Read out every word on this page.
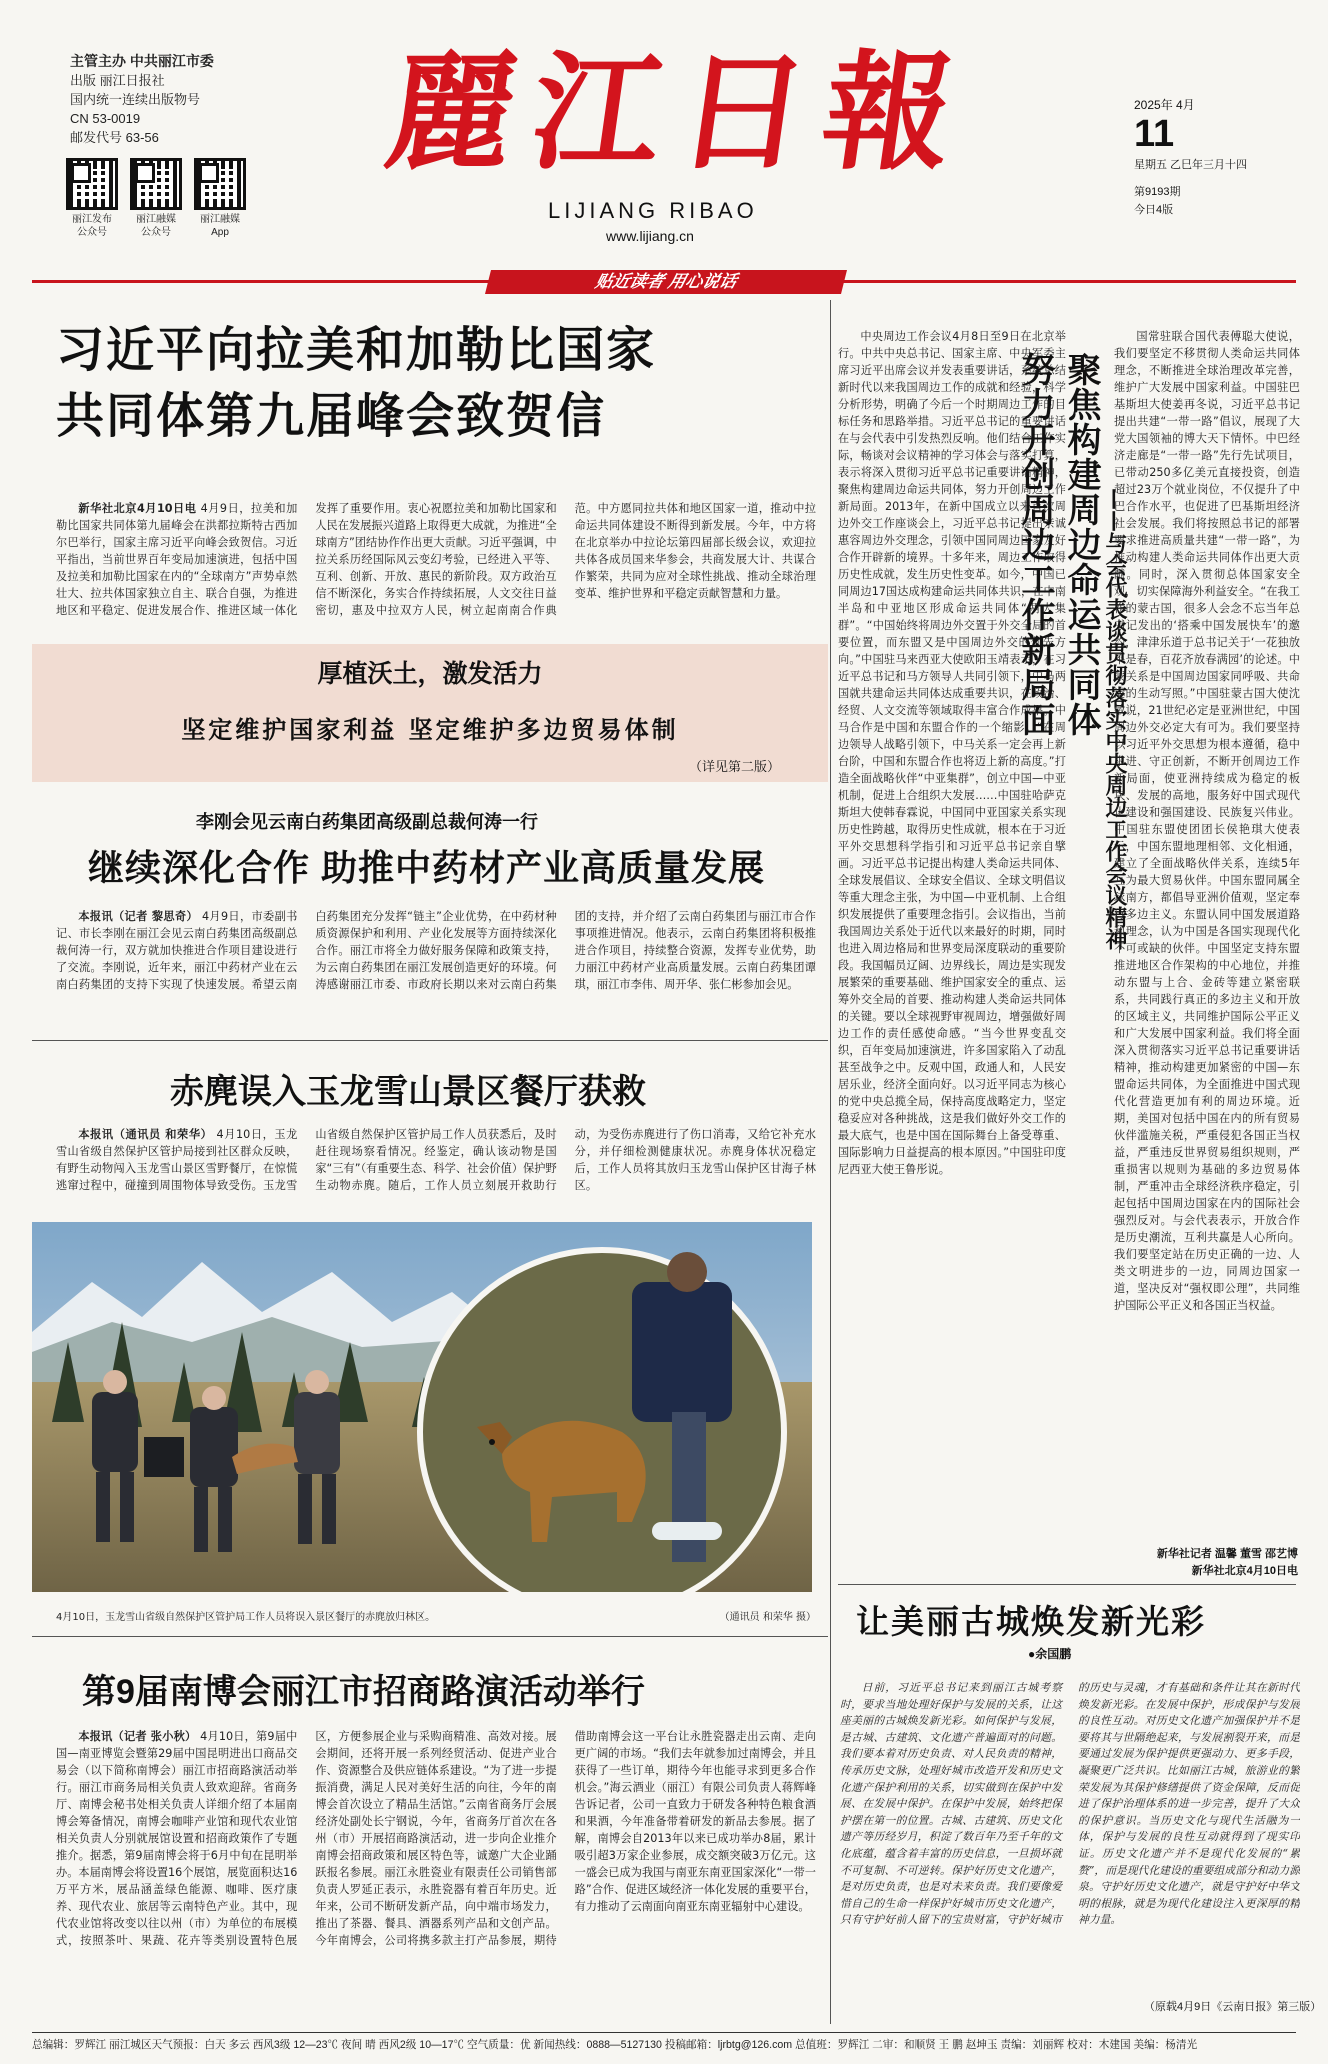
主管主办 中共丽江市委
出版 丽江日报社
国内统一连续出版物号
CN 53-0019
邮发代号 63-56
丽江发布
公众号
丽江融媒
公众号
丽江融媒
App
麗 江 日 報
LIJIANG RIBAO
www.lijiang.cn
2025年 4月
11
星期五 乙巳年三月十四
第9193期
今日4版
贴近读者 用心说话
习近平向拉美和加勒比国家
共同体第九届峰会致贺信

新华社北京4月10日电 4月9日，拉美和加勒比国家共同体第九届峰会在洪都拉斯特古西加尔巴举行，国家主席习近平向峰会致贺信。习近平指出，当前世界百年变局加速演进，包括中国及拉美和加勒比国家在内的“全球南方”声势卓然壮大、拉共体国家独立自主、联合自强，为推进地区和平稳定、促进发展合作、推进区域一体化发挥了重要作用。衷心祝愿拉美和加勒比国家和人民在发展振兴道路上取得更大成就，为推进“全球南方”团结协作作出更大贡献。习近平强调，中拉关系历经国际风云变幻考验，已经进入平等、互利、创新、开放、惠民的新阶段。双方政治互信不断深化，务实合作持续拓展，人文交往日益密切，惠及中拉双方人民，树立起南南合作典范。中方愿同拉共体和地区国家一道，推动中拉命运共同体建设不断得到新发展。今年，中方将在北京举办中拉论坛第四届部长级会议，欢迎拉共体各成员国来华参会，共商发展大计、共谋合作繁荣，共同为应对全球性挑战、推动全球治理变革、维护世界和平稳定贡献智慧和力量。

厚植沃土，激发活力
坚定维护国家利益 坚定维护多边贸易体制
（详见第二版）
李刚会见云南白药集团高级副总裁何涛一行
继续深化合作 助推中药材产业高质量发展

本报讯（记者 黎思奇） 4月9日，市委副书记、市长李刚在丽江会见云南白药集团高级副总裁何涛一行，双方就加快推进合作项目建设进行了交流。李刚说，近年来，丽江中药材产业在云南白药集团的支持下实现了快速发展。希望云南白药集团充分发挥“链主”企业优势，在中药材种质资源保护和利用、产业化发展等方面持续深化合作。丽江市将全力做好服务保障和政策支持，为云南白药集团在丽江发展创造更好的环境。何涛感谢丽江市委、市政府长期以来对云南白药集团的支持，并介绍了云南白药集团与丽江市合作事项推进情况。他表示，云南白药集团将积极推进合作项目，持续整合资源，发挥专业优势，助力丽江中药材产业高质量发展。云南白药集团谭琪，丽江市李伟、周开华、张仁彬参加会见。

赤麂误入玉龙雪山景区餐厅获救

本报讯（通讯员 和荣华） 4月10日，玉龙雪山省级自然保护区管护局接到社区群众反映，有野生动物闯入玉龙雪山景区雪野餐厅，在惊慌逃窜过程中，碰撞到周围物体导致受伤。玉龙雪山省级自然保护区管护局工作人员获悉后，及时赶往现场察看情况。经鉴定，确认该动物是国家“三有”（有重要生态、科学、社会价值）保护野生动物赤麂。随后，工作人员立刻展开救助行动，为受伤赤麂进行了伤口消毒，又给它补充水分，并仔细检测健康状况。赤麂身体状况稳定后，工作人员将其放归玉龙雪山保护区甘海子林区。

4月10日，玉龙雪山省级自然保护区管护局工作人员将误入景区餐厅的赤麂放归林区。	（通讯员 和荣华 摄）
第9届南博会丽江市招商路演活动举行

本报讯（记者 张小秋） 4月10日，第9届中国—南亚博览会暨第29届中国昆明进出口商品交易会（以下简称南博会）丽江市招商路演活动举行。丽江市商务局相关负责人致欢迎辞。省商务厅、南博会秘书处相关负责人详细介绍了本届南博会筹备情况，南博会咖啡产业馆和现代农业馆相关负责人分别就展馆设置和招商政策作了专题推介。据悉，第9届南博会将于6月中旬在昆明举办。本届南博会将设置16个展馆，展览面积达16万平方米，展品涵盖绿色能源、咖啡、医疗康养、现代农业、旅居等云南特色产业。其中，现代农业馆将改变以往以州（市）为单位的布展模式，按照茶叶、果蔬、花卉等类别设置特色展区，方便参展企业与采购商精准、高效对接。展会期间，还将开展一系列经贸活动、促进产业合作、资源整合及供应链体系建设。“为了进一步提振消费，满足人民对美好生活的向往，今年的南博会首次设立了精品生活馆。”云南省商务厅会展经济处副处长宁钢说，今年，省商务厅首次在各州（市）开展招商路演活动，进一步向企业推介南博会招商政策和展区特色等，诚邀广大企业踊跃报名参展。丽江永胜瓷业有限责任公司销售部负责人罗延正表示，永胜瓷器有着百年历史。近年来，公司不断研发新产品，向中端市场发力，推出了茶器、餐具、酒器系列产品和文创产品。今年南博会，公司将携多款主打产品参展，期待借助南博会这一平台让永胜瓷器走出云南、走向更广阔的市场。“我们去年就参加过南博会，并且获得了一些订单，期待今年也能寻求到更多合作机会。”海云酒业（丽江）有限公司负责人蒋辉峰告诉记者，公司一直致力于研发各种特色粮食酒和果酒，今年准备带着研发的新品去参展。据了解，南博会自2013年以来已成功举办8届，累计吸引超3万家企业参展，成交额突破3万亿元。这一盛会已成为我国与南亚东南亚国家深化“一带一路”合作、促进区域经济一体化发展的重要平台，有力推动了云南面向南亚东南亚辐射中心建设。

中央周边工作会议4月8日至9日在北京举行。中共中央总书记、国家主席、中央军委主席习近平出席会议并发表重要讲话，系统总结新时代以来我国周边工作的成就和经验，科学分析形势，明确了今后一个时期周边工作的目标任务和思路举措。习近平总书记的重要讲话在与会代表中引发热烈反响。他们结合工作实际，畅谈对会议精神的学习体会与落实打算，表示将深入贯彻习近平总书记重要讲话精神，聚焦构建周边命运共同体，努力开创周边工作新局面。2013年，在新中国成立以来首次周边外交工作座谈会上，习近平总书记提出亲诚惠容周边外交理念，引领中国同周边国家友好合作开辟新的境界。十多年来，周边工作取得历史性成就，发生历史性变革。如今，中国已同周边17国达成构建命运共同体共识，在中南半岛和中亚地区形成命运共同体“两大集群”。“中国始终将周边外交置于外交全局的首要位置，而东盟又是中国周边外交的优先方向。”中国驻马来西亚大使欧阳玉靖表示，在习近平总书记和马方领导人共同引领下，中马两国就共建命运共同体达成重要共识，在政治、经贸、人文交流等领域取得丰富合作成果。中马合作是中国和东盟合作的一个缩影。“在周边领导人战略引领下，中马关系一定会再上新台阶，中国和东盟合作也将迈上新的高度。”打造全面战略伙伴“中亚集群”，创立中国—中亚机制，促进上合组织大发展……中国驻哈萨克斯坦大使韩春霖说，中国同中亚国家关系实现历史性跨越，取得历史性成就，根本在于习近平外交思想科学指引和习近平总书记亲自擘画。习近平总书记提出构建人类命运共同体、全球发展倡议、全球安全倡议、全球文明倡议等重大理念主张，为中国—中亚机制、上合组织发展提供了重要理念指引。会议指出，当前我国周边关系处于近代以来最好的时期，同时也进入周边格局和世界变局深度联动的重要阶段。我国幅员辽阔、边界线长，周边是实现发展繁荣的重要基础、维护国家安全的重点、运筹外交全局的首要、推动构建人类命运共同体的关键。要以全球视野审视周边，增强做好周边工作的责任感使命感。“当今世界变乱交织，百年变局加速演进，许多国家陷入了动乱甚至战争之中。反观中国，政通人和，人民安居乐业，经济全面向好。以习近平同志为核心的党中央总揽全局，保持高度战略定力，坚定稳妥应对各种挑战，这是我们做好外交工作的最大底气，也是中国在国际舞台上备受尊重、国际影响力日益提高的根本原因。”中国驻印度尼西亚大使王鲁彤说。

聚焦构建周边命运共同体
努力开创周边工作新局面 ——与会代表谈贯彻落实中央周边工作会议精神

国常驻联合国代表傅聪大使说，我们要坚定不移贯彻人类命运共同体理念，不断推进全球治理改革完善，维护广大发展中国家利益。中国驻巴基斯坦大使姜再冬说，习近平总书记提出共建“一带一路”倡议，展现了大党大国领袖的博大天下情怀。中巴经济走廊是“一带一路”先行先试项目，已带动250多亿美元直接投资，创造超过23万个就业岗位，不仅提升了中巴合作水平，也促进了巴基斯坦经济社会发展。我们将按照总书记的部署要求推进高质量共建“一带一路”，为推动构建人类命运共同体作出更大贡献。同时，深入贯彻总体国家安全观，切实保障海外利益安全。“在我工作的蒙古国，很多人会念不忘当年总书记发出的‘搭乘中国发展快车’的邀约，津津乐道于总书记关于‘一花独放不是春，百花齐放春满园’的论述。中蒙关系是中国周边国家同呼吸、共命运的生动写照。”中国驻蒙古国大使沈敏说，21世纪必定是亚洲世纪，中国周边外交必定大有可为。我们要坚持以习近平外交思想为根本遵循，稳中求进、守正创新，不断开创周边工作新局面，使亚洲持续成为稳定的板块、发展的高地，服务好中国式现代化建设和强国建设、民族复兴伟业。中国驻东盟使团团长侯艳琪大使表示，中国东盟地理相邻、文化相通，建立了全面战略伙伴关系，连续5年互为最大贸易伙伴。中国东盟同属全球南方，都倡导亚洲价值观，坚定奉行多边主义。东盟认同中国发展道路和理念，认为中国是各国实现现代化不可或缺的伙伴。中国坚定支持东盟推进地区合作架构的中心地位，并推动东盟与上合、金砖等建立紧密联系，共同践行真正的多边主义和开放的区域主义，共同维护国际公平正义和广大发展中国家利益。我们将全面深入贯彻落实习近平总书记重要讲话精神，推动构建更加紧密的中国—东盟命运共同体，为全面推进中国式现代化营造更加有利的周边环境。近期，美国对包括中国在内的所有贸易伙伴滥施关税，严重侵犯各国正当权益，严重违反世界贸易组织规则，严重损害以规则为基础的多边贸易体制，严重冲击全球经济秩序稳定，引起包括中国周边国家在内的国际社会强烈反对。与会代表表示，开放合作是历史潮流，互利共赢是人心所向。我们要坚定站在历史正确的一边、人类文明进步的一边，同周边国家一道，坚决反对“强权即公理”，共同维护国际公平正义和各国正当权益。

新华社记者 温馨 董雪 邵艺博
新华社北京4月10日电
让美丽古城焕发新光彩
●余国鹏

日前，习近平总书记来到丽江古城考察时，要求当地处理好保护与发展的关系，让这座美丽的古城焕发新光彩。如何保护与发展，是古城、古建筑、文化遗产普遍面对的问题。我们要本着对历史负责、对人民负责的精神，传承历史文脉，处理好城市改造开发和历史文化遗产保护利用的关系，切实做到在保护中发展、在发展中保护。在保护中发展，始终把保护摆在第一的位置。古城、古建筑、历史文化遗产等历经岁月，积淀了数百年乃至千年的文化底蕴，蕴含着丰富的历史信息，一旦损坏就不可复制、不可逆转。保护好历史文化遗产，是对历史负责，也是对未来负责。我们要像爱惜自己的生命一样保护好城市历史文化遗产，只有守护好前人留下的宝贵财富，守护好城市的历史与灵魂，才有基础和条件让其在新时代焕发新光彩。在发展中保护，形成保护与发展的良性互动。对历史文化遗产加强保护并不是要将其与世隔绝起来，与发展割裂开来，而是要通过发展为保护提供更强动力、更多手段，凝聚更广泛共识。比如丽江古城，旅游业的繁荣发展为其保护修缮提供了资金保障，反而促进了保护治理体系的进一步完善，提升了大众的保护意识。当历史文化与现代生活融为一体，保护与发展的良性互动就得到了现实印证。历史文化遗产并不是现代化发展的“累赘”，而是现代化建设的重要组成部分和动力源泉。守护好历史文化遗产，就是守护好中华文明的根脉，就是为现代化建设注入更深厚的精神力量。

（原载4月9日《云南日报》第三版）
总编辑：罗辉江 丽江城区天气预报：白天 多云 西风3级 12—23℃ 夜间 晴 西风2级 10—17℃ 空气质量：优 新闻热线：0888—5127130 投稿邮箱：ljrbtg@126.com 总值班：罗辉江 二审：和顺贤 王 鹏 赵坤玉 责编：刘丽辉 校对：木建国 美编：杨清光
